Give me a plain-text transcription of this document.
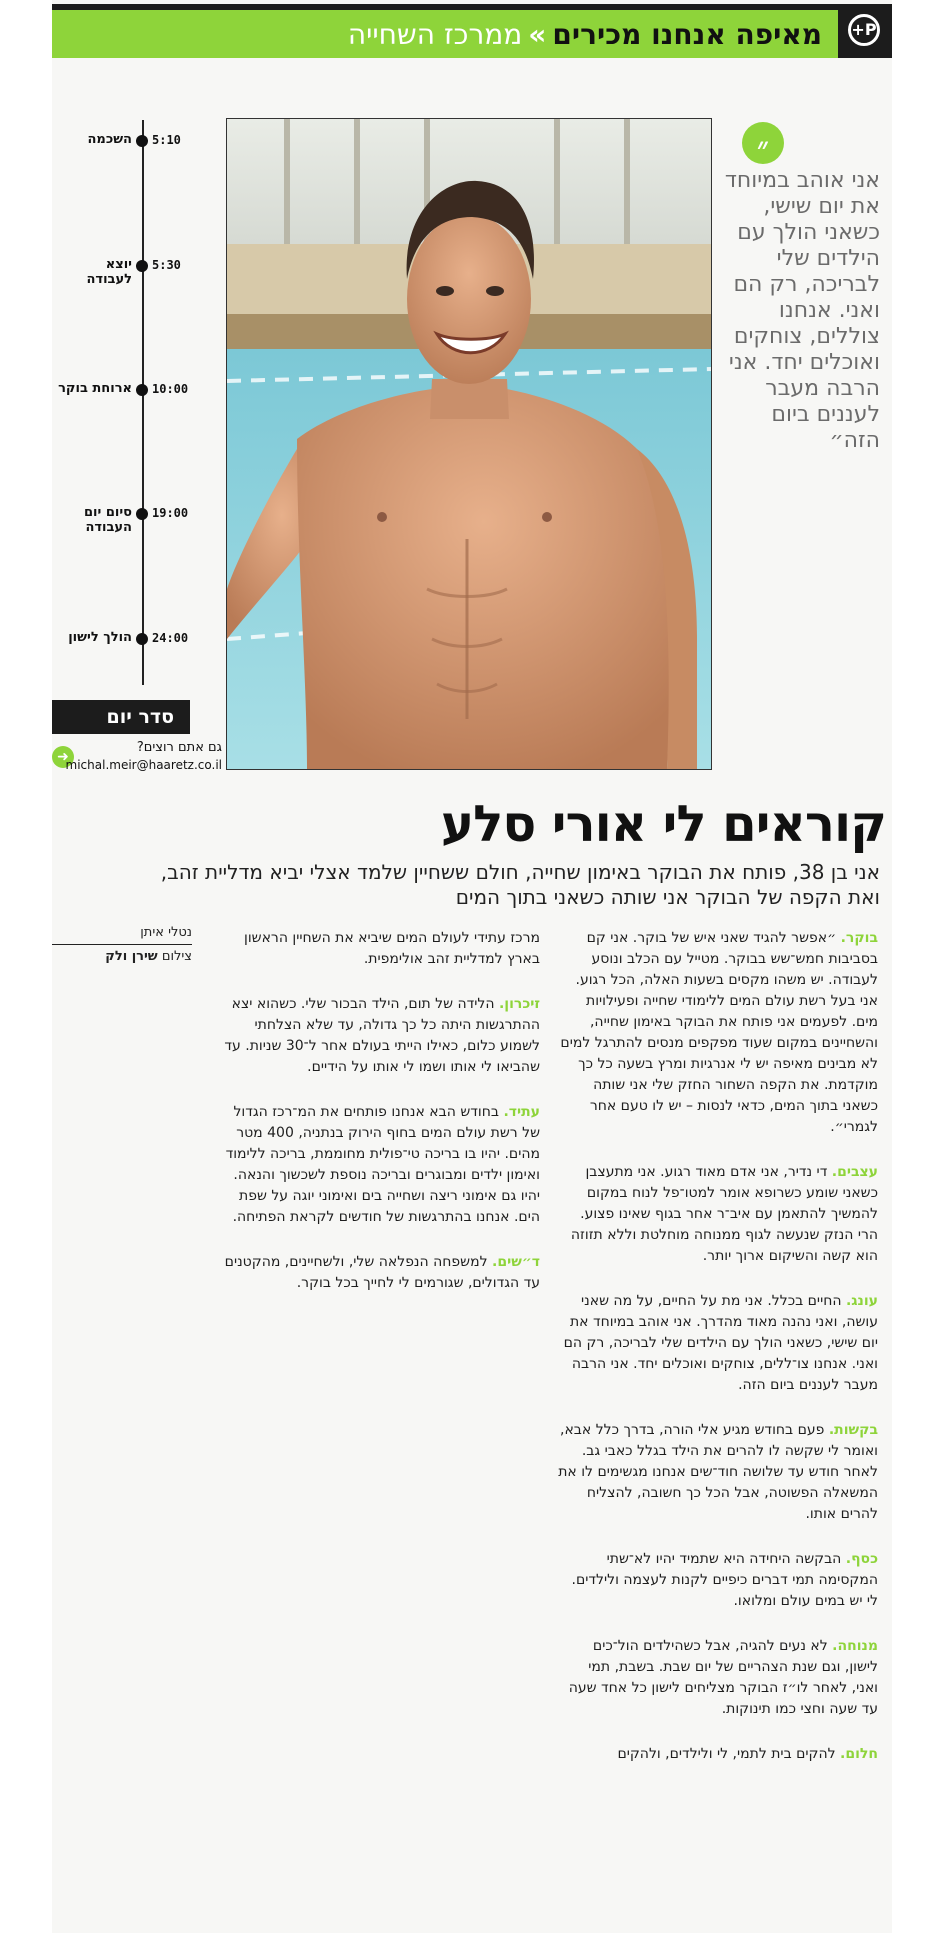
+P
מאיפה אנחנו מכירים»ממרכז השחייה
השכמה 5:10
יוצא לעבודה
5:30
ארוחת בוקר 10:00
סיום יום העבודה
19:00
הולך לישון 24:00
סדר יום
➜
גם אתם רוצים?
michal.meir@haaretz.co.il
״
אני אוהב במיוחד את יום שישי, כשאני הולך עם הילדים שלי לבריכה, רק הם ואני. אנחנו צוללים, צוחקים ואוכלים יחד. אני הרבה מעבר לעננים ביום הזה״
קוראים לי אורי סלע
אני בן 38, פותח את הבוקר באימון שחייה, חולם ששחיין שלמד אצלי יביא מדליית זהב, ואת הקפה של הבוקר אני שותה כשאני בתוך המים
נטלי איתן
צילום שירן ולק

בוקר. ״אפשר להגיד שאני איש של בוקר. אני קם בסביבות חמש־שש בבוקר. מטייל עם הכלב ונוסע לעבודה. יש משהו מקסים בשעות האלה, הכל רגוע. אני בעל רשת עולם המים ללימודי שחייה ופעילויות מים. לפעמים אני פותח את הבוקר באימון שחייה, והשחיינים במקום שעוד מפקפים מנסים להתרגל למים לא מבינים מאיפה יש לי אנרגיות ומרץ בשעה כל כך מוקדמת. את הקפה השחור החזק שלי אני שותה כשאני בתוך המים, כדאי לנסות – יש לו טעם אחר לגמרי״.

עצבים. די נדיר, אני אדם מאוד רגוע. אני מתעצבן כשאני שומע כשרופא אומר למטו־פל לנוח במקום להמשיך להתאמן עם איב־ר אחר בגוף שאינו פצוע. הרי הנזק שנעשה לגוף ממנוחה מוחלטת וללא תזוזה הוא קשה והשיקום ארוך יותר.

עונג. החיים בכלל. אני מת על החיים, על מה שאני עושה, ואני נהנה מאוד מהדרך. אני אוהב במיוחד את יום שישי, כשאני הולך עם הילדים שלי לבריכה, רק הם ואני. אנחנו צו־ללים, צוחקים ואוכלים יחד. אני הרבה מעבר לעננים ביום הזה.

בקשות. פעם בחודש מגיע אלי הורה, בדרך כלל אבא, ואומר לי שקשה לו להרים את הילד בגלל כאבי גב. לאחר חודש עד שלושה חוד־שים אנחנו מגשימים לו את המשאלה הפשוטה, אבל הכל כך חשובה, להצליח להרים אותו.

כסף. הבקשה היחידה היא שתמיד יהיו לא־שתי המקסימה תמי דברים כיפיים לקנות לעצמה ולילדים. לי יש במים עולם ומלואו.

מנוחה. לא נעים להגיה, אבל כשהילדים הול־כים לישון, וגם שנת הצהריים של יום שבת. בשבת, תמי ואני, לאחר לו״ז הבוקר מצליחים לישון כל אחד שעה עד שעה וחצי כמו תינוקות.

חלום. להקים בית לתמי, לי ולילדים, ולהקים

מרכז עתידי לעולם המים שיביא את השחיין הראשון בארץ למדליית זהב אולימפית.

זיכרון. הלידה של תום, הילד הבכור שלי. כשהוא יצא ההתרגשות היתה כל כך גדולה, עד שלא הצלחתי לשמוע כלום, כאילו הייתי בעולם אחר ל־30 שניות. עד שהביאו לי אותו ושמו לי אותו על הידיים.

עתיד. בחודש הבא אנחנו פותחים את המ־רכז הגדול של רשת עולם המים בחוף הירוק בנתניה, 400 מטר מהים. יהיו בו בריכה טי־פולית מחוממת, בריכה ללימוד ואימון ילדים ומבוגרים ובריכה נוספת לשכשוך והנאה. יהיו גם אימוני ריצה ושחייה בים ואימוני יוגה על שפת הים. אנחנו בהתרגשות של חודשים לקראת הפתיחה.

ד״שים. למשפחה הנפלאה שלי, ולשחיינים, מהקטנים עד הגדולים, שגורמים לי לחייך בכל בוקר.
